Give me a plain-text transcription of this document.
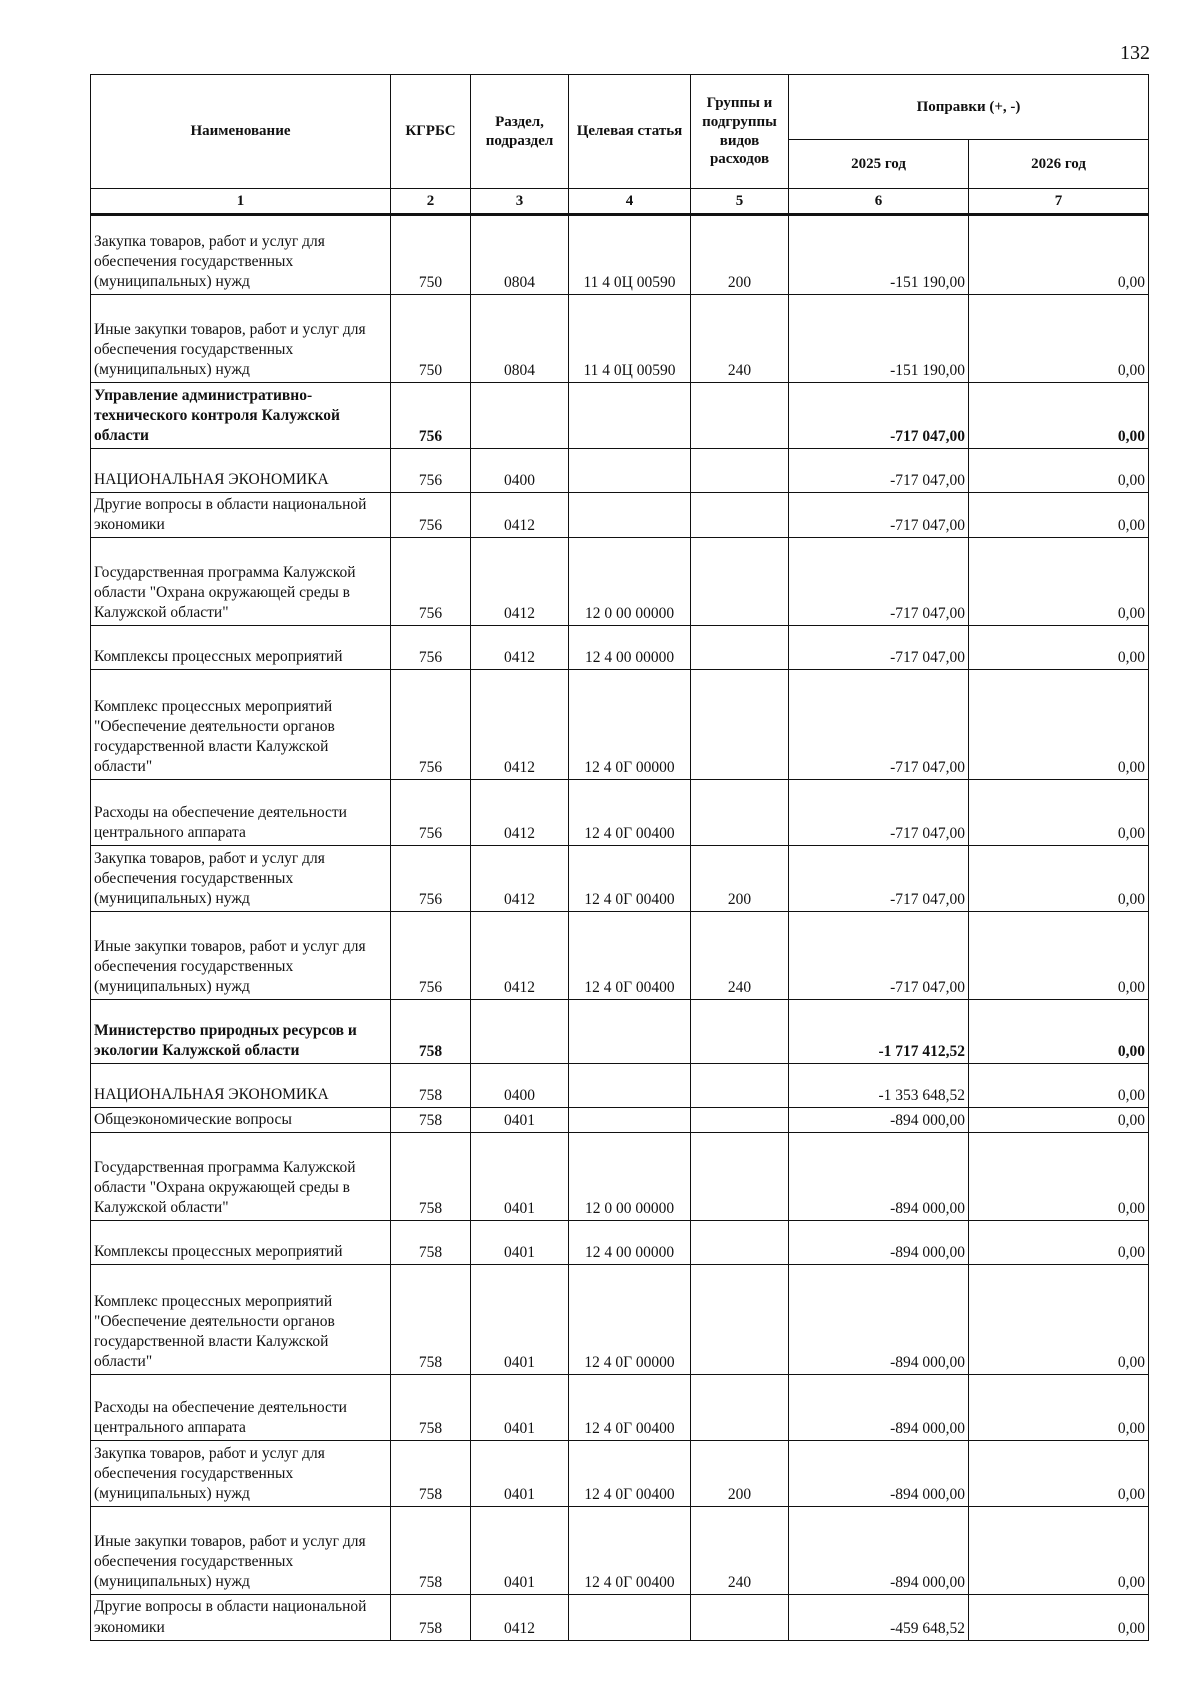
132
Наименование	КГРБС	Раздел, подраздел	Целевая статья	Группы и подгруппы видов расходов	Поправки (+, -)	
					2025 год	2026 год
1	2	3	4	5	6	7
Закупка товаров, работ и услуг для обеспечения государственных (муниципальных) нужд	750	0804	11 4 0Ц 00590	200	-151 190,00	0,00
Иные закупки товаров, работ и услуг для обеспечения государственных (муниципальных) нужд	750	0804	11 4 0Ц 00590	240	-151 190,00	0,00
Управление административно-технического контроля Калужской области	756				-717 047,00	0,00
НАЦИОНАЛЬНАЯ ЭКОНОМИКА	756	0400			-717 047,00	0,00
Другие вопросы в области национальной экономики	756	0412			-717 047,00	0,00
Государственная программа Калужской области "Охрана окружающей среды в Калужской области"	756	0412	12 0 00 00000		-717 047,00	0,00
Комплексы процессных мероприятий	756	0412	12 4 00 00000		-717 047,00	0,00
Комплекс процессных мероприятий "Обеспечение деятельности органов государственной власти Калужской области"	756	0412	12 4 0Г 00000		-717 047,00	0,00
Расходы на обеспечение деятельности центрального аппарата	756	0412	12 4 0Г 00400		-717 047,00	0,00
Закупка товаров, работ и услуг для обеспечения государственных (муниципальных) нужд	756	0412	12 4 0Г 00400	200	-717 047,00	0,00
Иные закупки товаров, работ и услуг для обеспечения государственных (муниципальных) нужд	756	0412	12 4 0Г 00400	240	-717 047,00	0,00
Министерство природных ресурсов и экологии Калужской области	758				-1 717 412,52	0,00
НАЦИОНАЛЬНАЯ ЭКОНОМИКА	758	0400			-1 353 648,52	0,00
Общеэкономические вопросы	758	0401			-894 000,00	0,00
Государственная программа Калужской области "Охрана окружающей среды в Калужской области"	758	0401	12 0 00 00000		-894 000,00	0,00
Комплексы процессных мероприятий	758	0401	12 4 00 00000		-894 000,00	0,00
Комплекс процессных мероприятий "Обеспечение деятельности органов государственной власти Калужской области"	758	0401	12 4 0Г 00000		-894 000,00	0,00
Расходы на обеспечение деятельности центрального аппарата	758	0401	12 4 0Г 00400		-894 000,00	0,00
Закупка товаров, работ и услуг для обеспечения государственных (муниципальных) нужд	758	0401	12 4 0Г 00400	200	-894 000,00	0,00
Иные закупки товаров, работ и услуг для обеспечения государственных (муниципальных) нужд	758	0401	12 4 0Г 00400	240	-894 000,00	0,00
Другие вопросы в области национальной экономики	758	0412			-459 648,52	0,00
